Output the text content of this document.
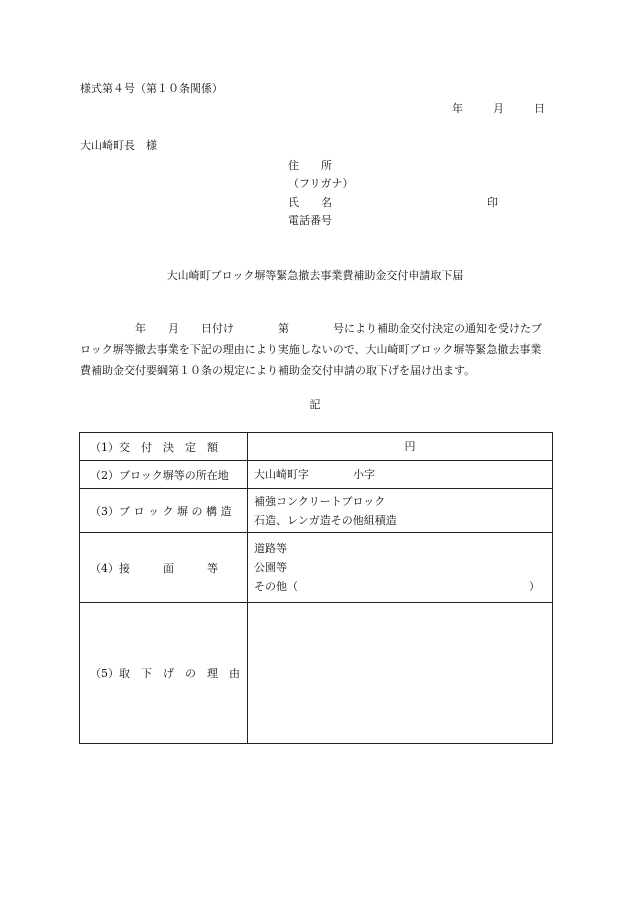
様式第４号（第１０条関係）
年	月	日
大山崎町長　様
住　　所
（フリガナ）
氏　　名	印
電話番号
大山崎町ブロック塀等緊急撤去事業費補助金交付申請取下届
　　　　　年　　月　　日付け　　　　第　　　　号により補助金交付決定の通知を受けたブロック塀等撤去事業を下記の理由により実施しないので、大山崎町ブロック塀等緊急撤去事業費補助金交付要綱第１０条の規定により補助金交付申請の取下げを届け出ます。
記
（1）交　付　決　定　額	円
（2）ブロック塀等の所在地	大山崎町字　　　　小字
（3）ブ ロ ッ ク 塀 の 構 造	補強コンクリートブロック
石造、レンガ造その他組積造

（4）接　　　面　　　等	道路等
公園等
その他（　　　　　　　　　　　　　　　　　　　　　）

（5）取　下　げ　の　理　由	
